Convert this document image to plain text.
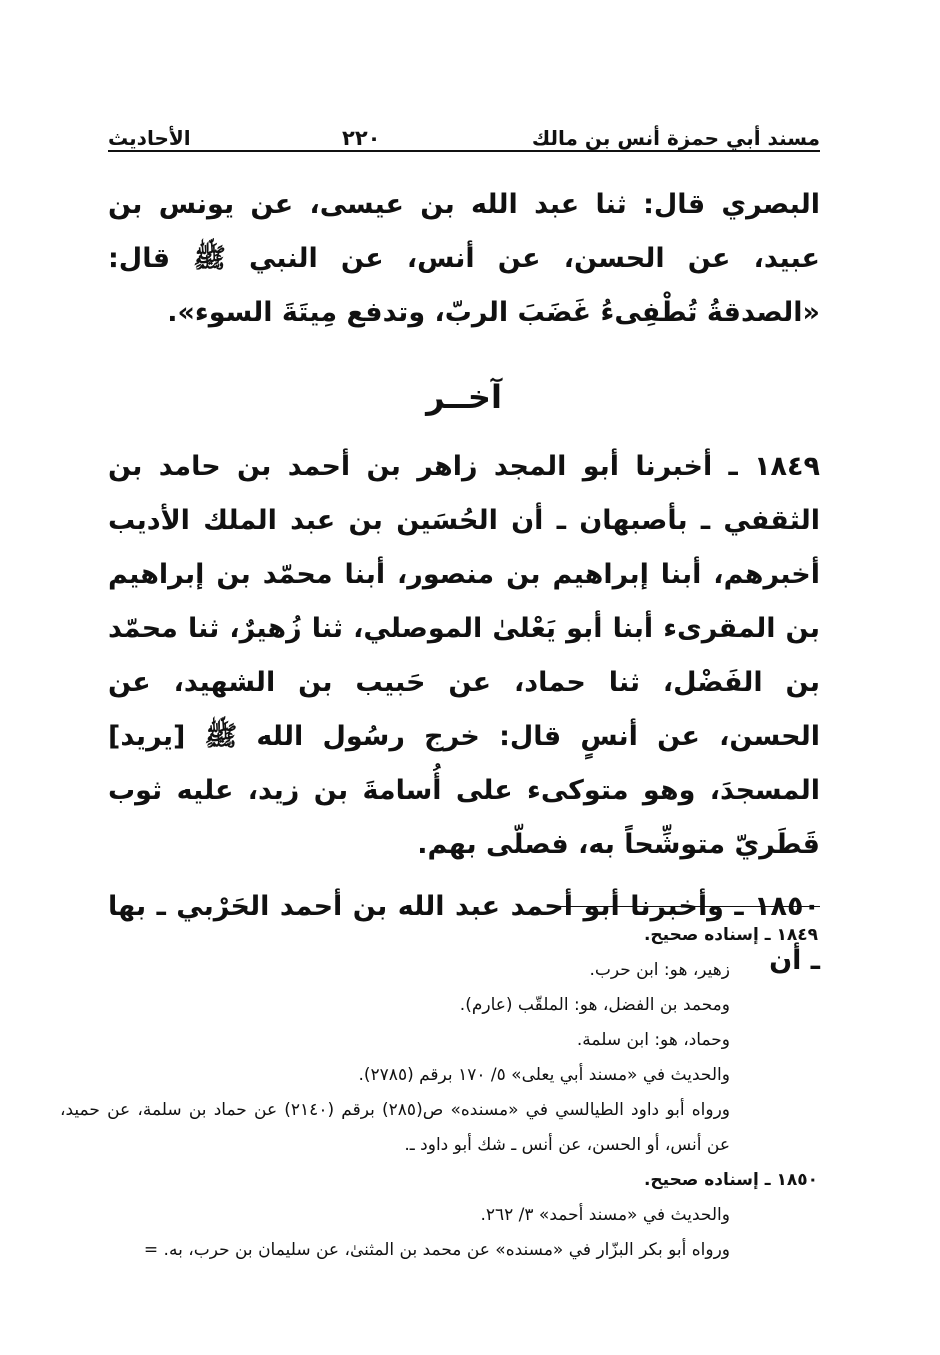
مسند أبي حمزة أنس بن مالك
٢٢٠
الأحاديث

البصري قال: ثنا عبد الله بن عيسى، عن يونس بن عبيد، عن الحسن، عن أنس، عن النبي ﷺ قال: «الصدقةُ تُطْفِىءُ غَضَبَ الربّ، وتدفع مِيتَةَ السوء».

آخــر

١٨٤٩ ـ أخبرنا أبو المجد زاهر بن أحمد بن حامد بن الثقفي ـ بأصبهان ـ أن الحُسَين بن عبد الملك الأديب أخبرهم، أبنا إبراهيم بن منصور، أبنا محمّد بن إبراهيم بن المقرىء أبنا أبو يَعْلىٰ الموصلي، ثنا زُهيرٌ، ثنا محمّد بن الفَضْل، ثنا حماد، عن حَبيب بن الشهيد، عن الحسن، عن أنسٍ قال: خرج رسُول الله ﷺ [يريد] المسجدَ، وهو متوكىء على أُسامةَ بن زيد، عليه ثوب قَطَريّ متوشِّحاً به، فصلّى بهم.

١٨٥٠ ـ وأخبرنا أبو أحمد عبد الله بن أحمد الحَرْبي ـ بها ـ أن

١٨٤٩ ـ إسناده صحيح.

زهير، هو: ابن حرب.

ومحمد بن الفضل، هو: الملقّب (عارم).

وحماد، هو: ابن سلمة.

والحديث في «مسند أبي يعلى» ٥/ ١٧٠ برقم (٢٧٨٥).

ورواه أبو داود الطيالسي في «مسنده» ص(٢٨٥) برقم (٢١٤٠) عن حماد بن سلمة، عن حميد، عن أنس، أو الحسن، عن أنس ـ شك أبو داود ـ.

١٨٥٠ ـ إسناده صحيح.

والحديث في «مسند أحمد» ٣/ ٢٦٢.

ورواه أبو بكر البزّار في «مسنده» عن محمد بن المثنىٰ، عن سليمان بن حرب، به. =
